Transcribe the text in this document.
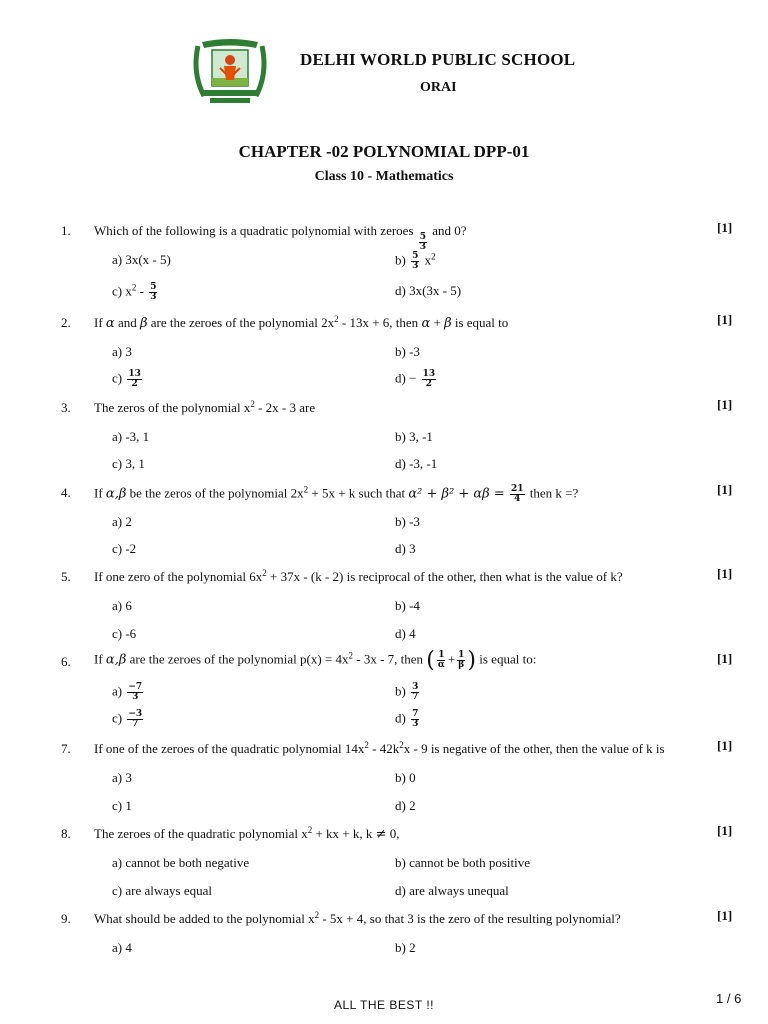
DELHI WORLD PUBLIC SCHOOL
ORAI
CHAPTER -02 POLYNOMIAL DPP-01
Class 10 - Mathematics
1. Which of the following is a quadratic polynomial with zeroes
$\frac{5}{3}$
and 0?	[1]
a) 3x(x - 5)	$b) \frac{5}{3} x^2$
c) $x^2 - \frac{5}{3}$	d) 3x(3x - 5)
2. If α and β are the zeroes of the polynomial $2x^2 - 13x + 6$, then α + β is equal to	[1]
a) 3	b) -3
$c) \frac{13}{2}$	$d) - \frac{13}{2}$
3. The zeros of the polynomial $x^2 - 2x - 3$ are	[1]
a) -3, 1	b) 3, -1
c) 3, 1	d) -3, -1
4. If α,β be the zeros of the polynomial $2x^2 + 5x + k$ such that $\alpha^2 + \beta^2 + \alpha\beta = \frac{21}{4}$ then k =?	[1]
a) 2	b) -3
c) -2	d) 3
5. If one zero of the polynomial $6x^2 + 37x - (k - 2)$ is reciprocal of the other, then what is the value of k?	[1]
a) 6	b) -4
c) -6	d) 4
6. If α,β are the zeroes of the polynomial $p(x) = 4x^2 - 3x - 7$, then ( $\frac{1}{\alpha} + \frac{1}{\beta}$ ) is equal to:	[1]
$a) \frac{-7}{3}$	$b) \frac{3}{7}$
$c) \frac{-3}{7}$	$d) \frac{7}{3}$
7. If one of the zeroes of the quadratic polynomial $14x^2 - 42k^2x - 9$ is negative of the other, then the value of k is	[1]
a) 3	b) 0
c) 1	d) 2
8. The zeroes of the quadratic polynomial $x^2$ + kx + k, k ≠ 0,	[1]
a) cannot be both negative	b) cannot be both positive
c) are always equal	d) are always unequal
9. What should be added to the polynomial $x^2 - 5x + 4$, so that 3 is the zero of the resulting polynomial?	[1]
a) 4	b) 2
ALL THE BEST !!	1 / 6
